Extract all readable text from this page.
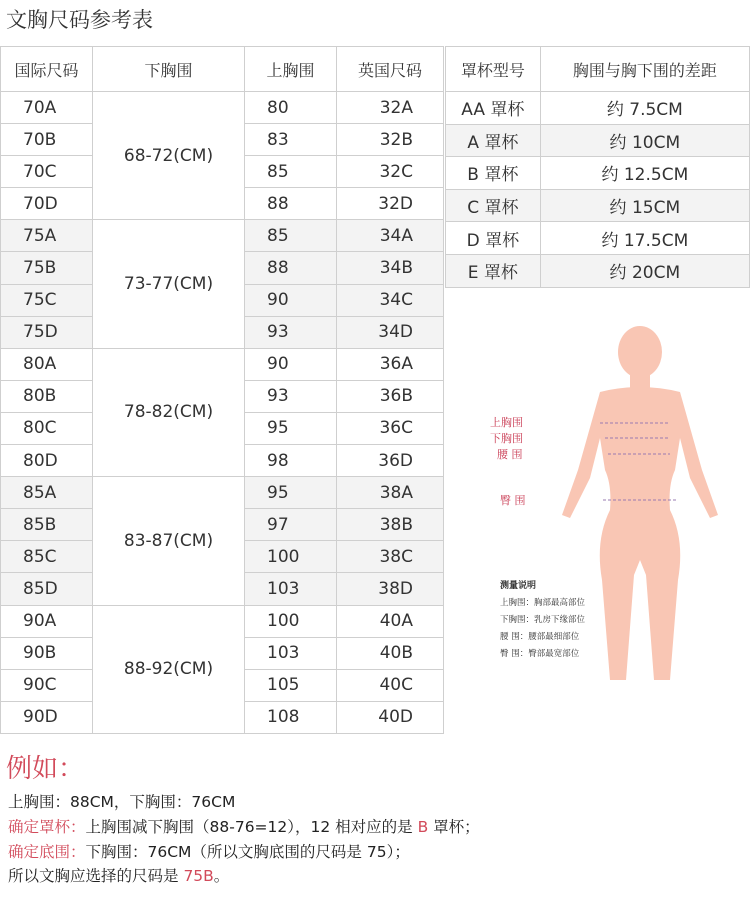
文胸尺码参考表
国际尺码	下胸围	上胸围	英国尺码
70A	68-72(CM)	80	32A
70B		83	32B
70C		85	32C
70D		88	32D
75A	73-77(CM)	85	34A
75B		88	34B
75C		90	34C
75D		93	34D
80A	78-82(CM)	90	36A
80B		93	36B
80C		95	36C
80D		98	36D
85A	83-87(CM)	95	38A
85B		97	38B
85C		100	38C
85D		103	38D
90A	88-92(CM)	100	40A
90B		103	40B
90C		105	40C
90D		108	40D
罩杯型号	胸围与胸下围的差距
AA 罩杯	约 7.5CM
A 罩杯	约 10CM
B 罩杯	约 12.5CM
C 罩杯	约 15CM
D 罩杯	约 17.5CM
E 罩杯	约 20CM
上胸围
下胸围
腰 围
臀 围
测量说明
上胸围：胸部最高部位
下胸围：乳房下缘部位
腰 围：腰部最细部位
臀 围：臀部最宽部位
例如：
上胸围：88CM，下胸围：76CM
确定罩杯：上胸围减下胸围（88-76=12），12 相对应的是 B 罩杯；
确定底围：下胸围：76CM（所以文胸底围的尺码是 75）；
所以文胸应选择的尺码是 75B。
